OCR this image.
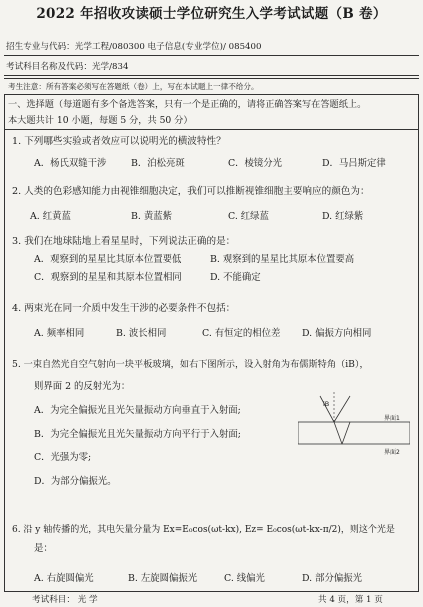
2022 年招收攻读硕士学位研究生入学考试试题（B 卷）
招生专业与代码：光学工程/080300 电子信息(专业学位)/ 085400
考试科目名称及代码：光学/834
考生注意：所有答案必须写在答题纸（卷）上，写在本试题上一律不给分。
一、选择题（每道题有多个备选答案，只有一个是正确的，请将正确答案写在答题纸上。
本大题共计 10 小题，每题 5 分，共 50 分）
1. 下列哪些实验或者效应可以说明光的横波特性？
A．杨氏双缝干涉	B．泊松亮斑	C．棱镜分光	D．马吕斯定律
2. 人类的色彩感知能力由视锥细胞决定，我们可以推断视锥细胞主要响应的颜色为：
A. 红黄蓝	B. 黄蓝紫	C. 红绿蓝	D. 红绿紫
3. 我们在地球陆地上看星星时，下列说法正确的是：
A．观察到的星星比其原本位置要低	B. 观察到的星星比其原本位置要高
C．观察到的星星和其原本位置相同	D. 不能确定
4. 两束光在同一介质中发生干涉的必要条件不包括：
A. 频率相同	B. 波长相同	C. 有恒定的相位差 D. 偏振方向相同
5. 一束自然光自空气射向一块平板玻璃，如右下图所示，设入射角为布儒斯特角（iB），
则界面 2 的反射光为：
A．为完全偏振光且光矢量振动方向垂直于入射面;
B．为完全偏振光且光矢量振动方向平行于入射面;
C．光强为零;
D．为部分偏振光。
iB
界面1
界面2
6. 沿 y 轴传播的光，其电矢量分量为 Ex=E₀cos(ωt-kx), Ez= E₀cos(ωt-kx-π/2)，则这个光是
是：
A. 右旋圆偏光	B. 左旋圆偏振光	C. 线偏光	D. 部分偏振光
考试科目： 光 学	共 4 页，第 1 页
